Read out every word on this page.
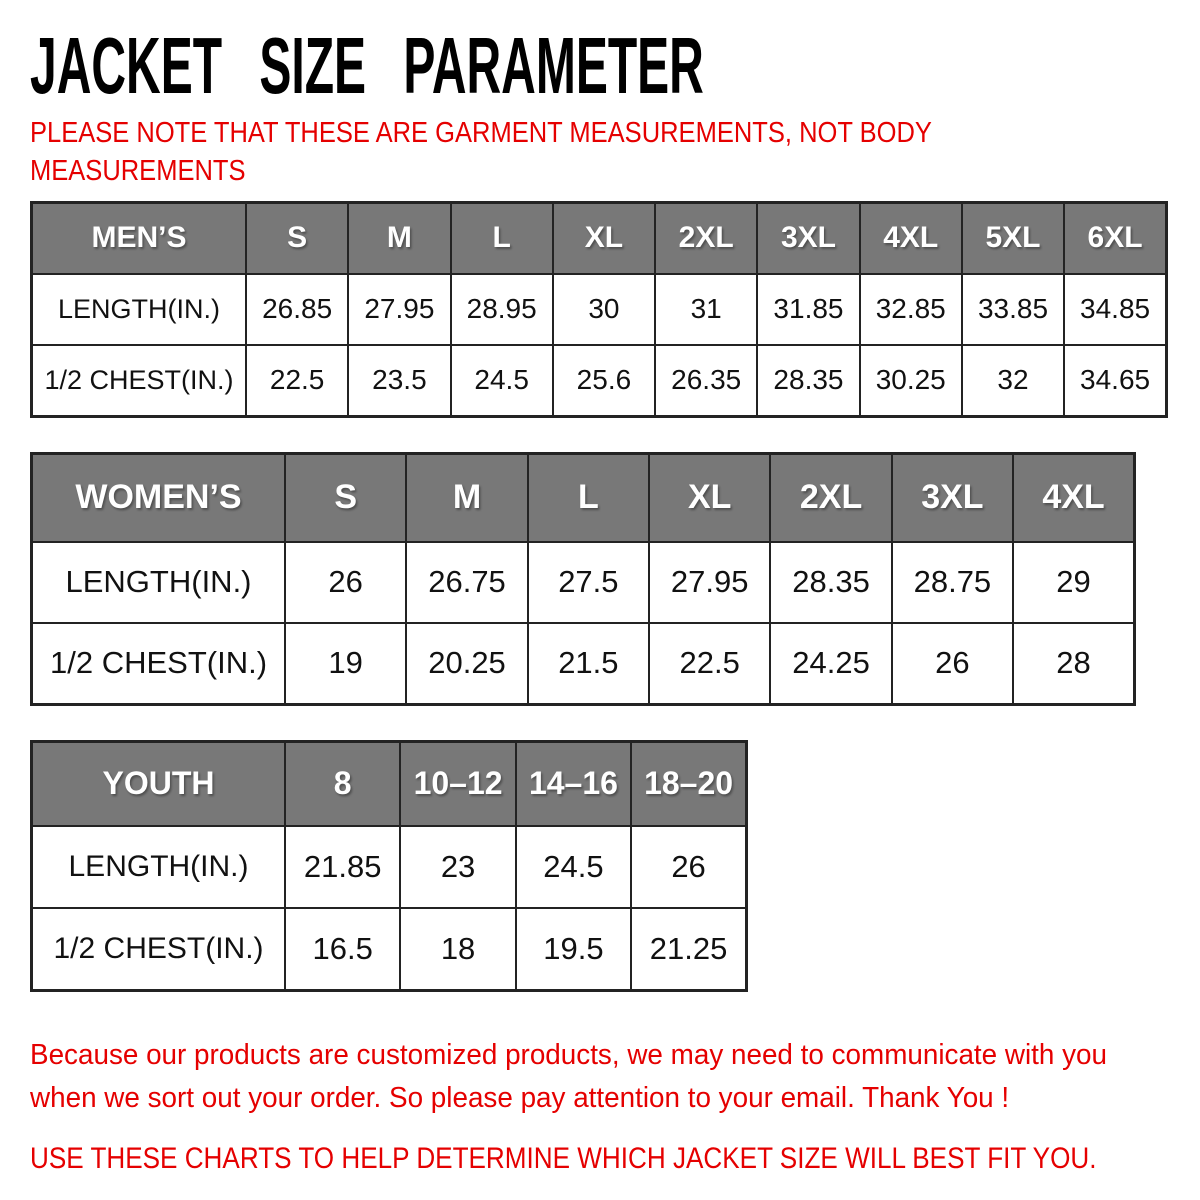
JACKET SIZE PARAMETER

PLEASE NOTE THAT THESE ARE GARMENT MEASUREMENTS, NOT BODY
MEASUREMENTS

MEN’S	S	M	L	XL	2XL	3XL	4XL	5XL	6XL
LENGTH(IN.)	26.85	27.95	28.95	30	31	31.85	32.85	33.85	34.85
1/2 CHEST(IN.)	22.5	23.5	24.5	25.6	26.35	28.35	30.25	32	34.65
WOMEN’S	S	M	L	XL	2XL	3XL	4XL
LENGTH(IN.)	26	26.75	27.5	27.95	28.35	28.75	29
1/2 CHEST(IN.)	19	20.25	21.5	22.5	24.25	26	28
YOUTH	8	10–12	14–16	18–20
LENGTH(IN.)	21.85	23	24.5	26
1/2 CHEST(IN.)	16.5	18	19.5	21.25

Because our products are customized products, we may need to communicate with you
when we sort out your order. So please pay attention to your email. Thank You !

USE THESE CHARTS TO HELP DETERMINE WHICH JACKET SIZE WILL BEST FIT YOU.
